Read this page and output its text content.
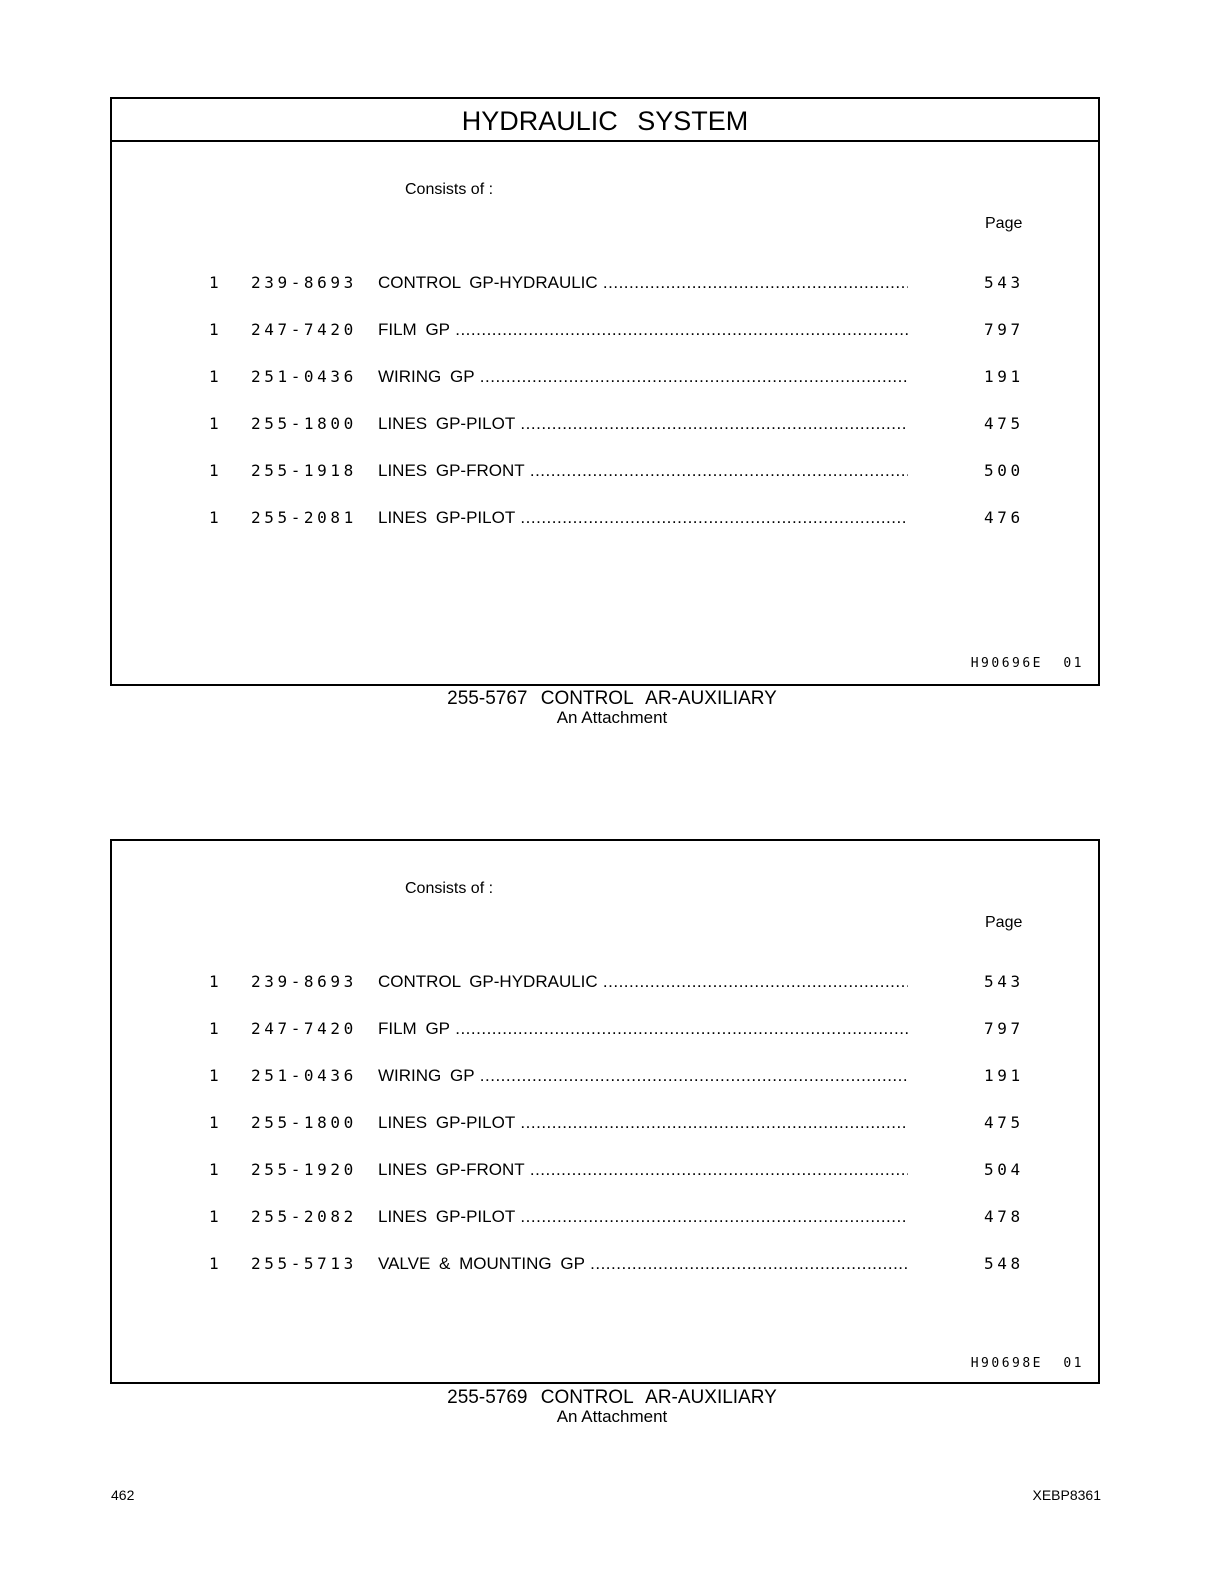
HYDRAULIC SYSTEM
Consists of :
Page
1 239-8693 CONTROL GP-HYDRAULIC .....	543
1 247-7420 FILM GP .....	797
1 251-0436 WIRING GP .....	191
1 255-1800 LINES GP-PILOT .....	475
1 255-1918 LINES GP-FRONT .....	500
1 255-2081 LINES GP-PILOT .....	476
H90696E 01
255-5767 CONTROL AR-AUXILIARY
An Attachment
Consists of :
Page
1 239-8693 CONTROL GP-HYDRAULIC .....	543
1 247-7420 FILM GP .....	797
1 251-0436 WIRING GP .....	191
1 255-1800 LINES GP-PILOT .....	475
1 255-1920 LINES GP-FRONT .....	504
1 255-2082 LINES GP-PILOT .....	478
1 255-5713 VALVE & MOUNTING GP .....	548
H90698E 01
255-5769 CONTROL AR-AUXILIARY
An Attachment
462	XEBP8361
